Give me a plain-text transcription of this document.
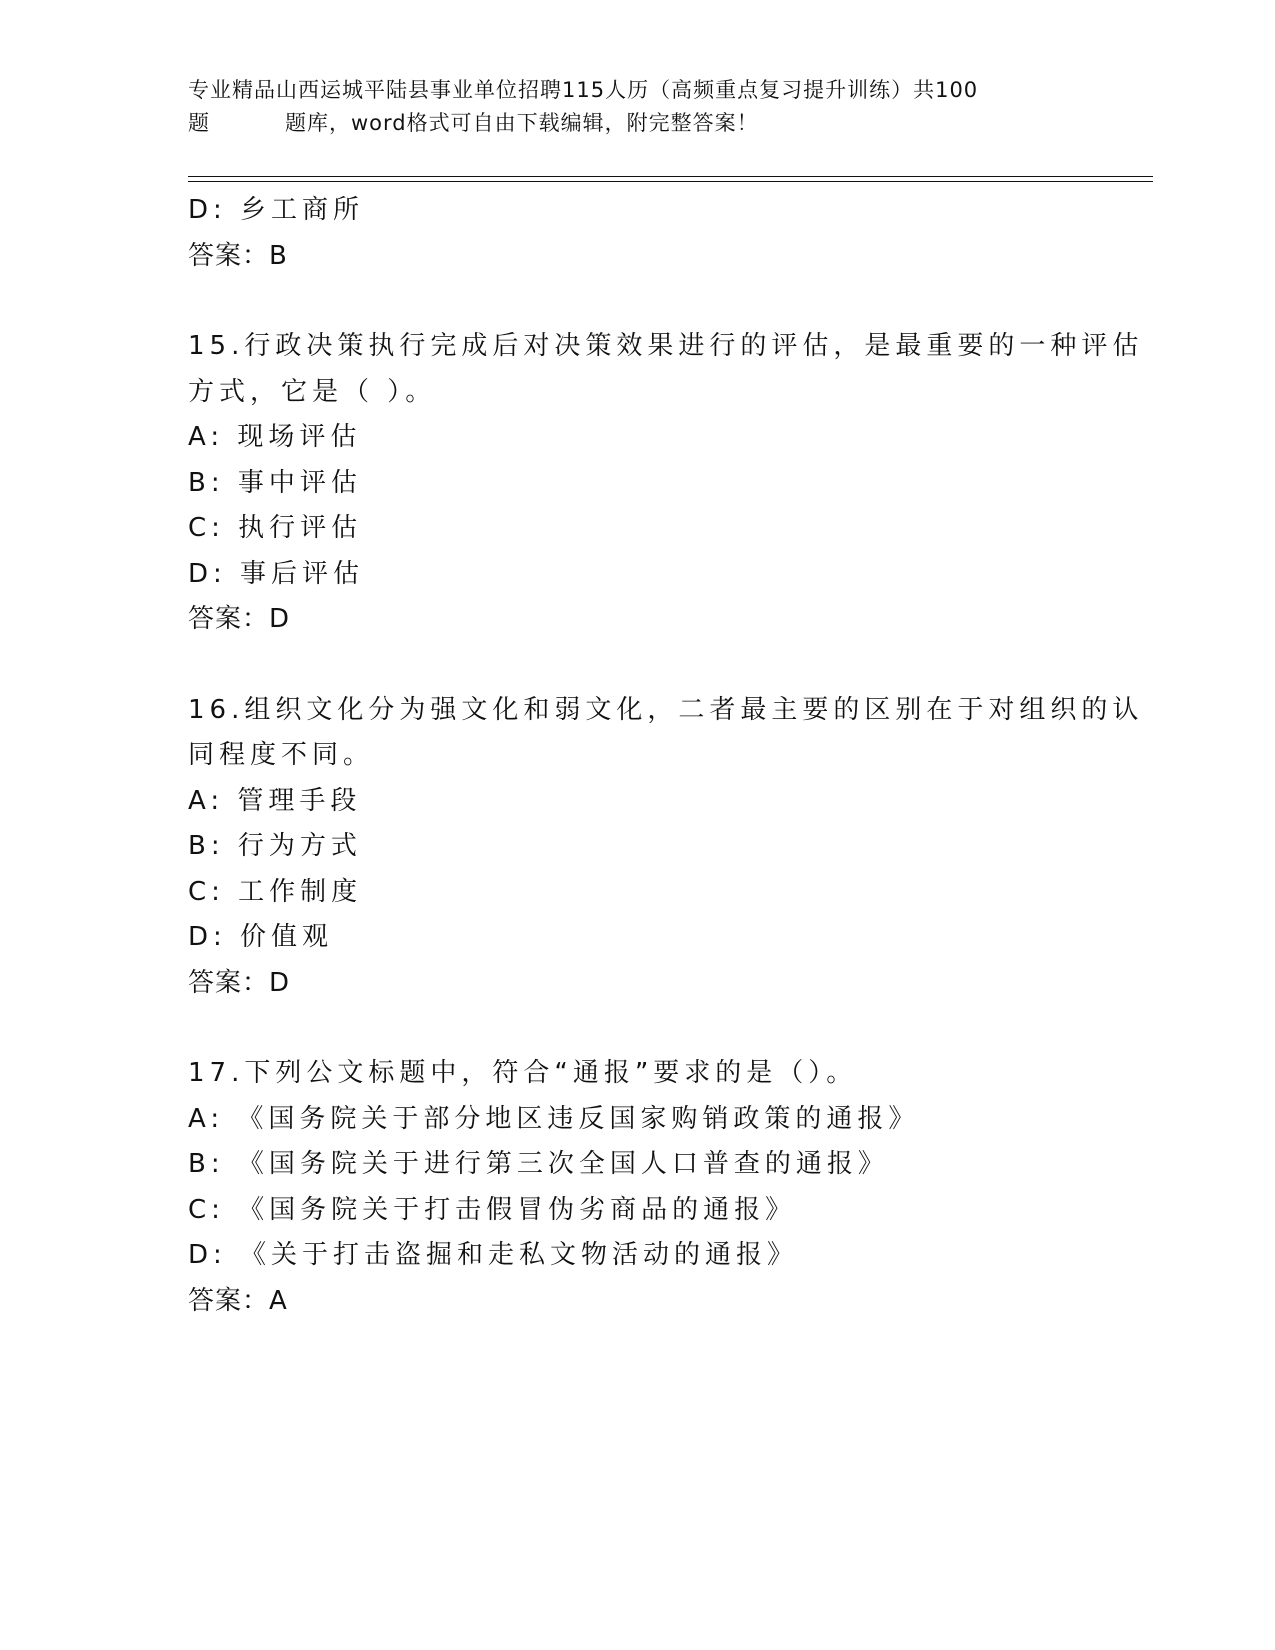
专业精品山西运城平陆县事业单位招聘115人历（高频重点复习提升训练）共100
题	题库，word格式可自由下载编辑，附完整答案！
D: 乡工商所
答案：B
15.行政决策执行完成后对决策效果进行的评估，是最重要的一种评估
方式，它是（ ）。
A: 现场评估
B: 事中评估
C: 执行评估
D: 事后评估
答案：D
16.组织文化分为强文化和弱文化，二者最主要的区别在于对组织的认
同程度不同。
A: 管理手段
B: 行为方式
C: 工作制度
D: 价值观
答案：D
17.下列公文标题中，符合“通报”要求的是（）。
A: 《国务院关于部分地区违反国家购销政策的通报》
B: 《国务院关于进行第三次全国人口普查的通报》
C: 《国务院关于打击假冒伪劣商品的通报》
D: 《关于打击盗掘和走私文物活动的通报》
答案：A
